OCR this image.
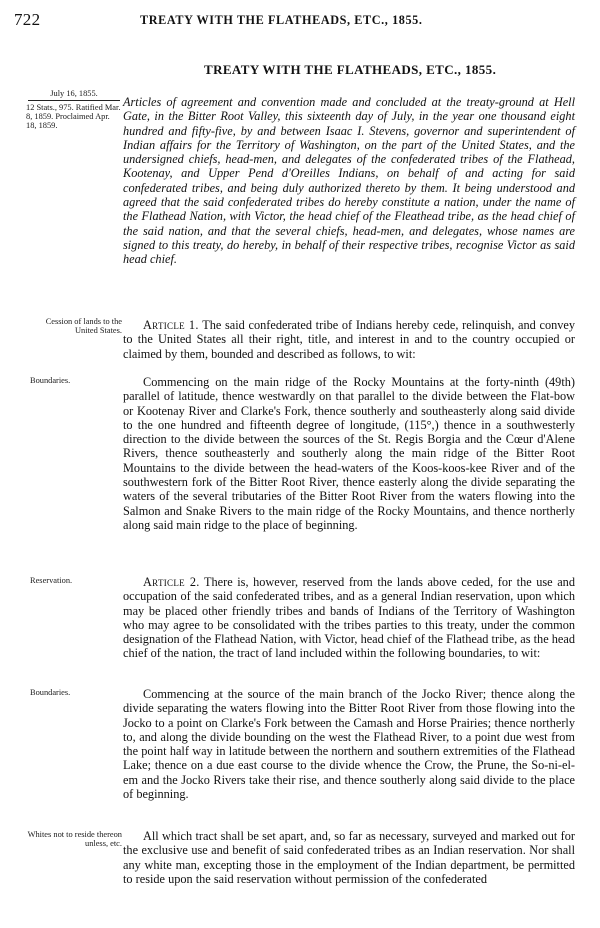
722	TREATY WITH THE FLATHEADS, ETC., 1855.
TREATY WITH THE FLATHEADS, ETC., 1855.
July 16, 1855.
12 Stats., 975. Ratified Mar. 8, 1859. Proclaimed Apr. 18, 1859.
Cession of lands to the United States.
Boundaries.
Reservation.
Boundaries.
Whites not to reside thereon unless, etc.
Articles of agreement and convention made and concluded at the treaty-ground at Hell Gate, in the Bitter Root Valley, this sixteenth day of July, in the year one thousand eight hundred and fifty-five, by and between Isaac I. Stevens, governor and superintendent of Indian affairs for the Territory of Washington, on the part of the United States, and the undersigned chiefs, head-men, and delegates of the confederated tribes of the Flathead, Kootenay, and Upper Pend d'Oreilles Indians, on behalf of and acting for said confederated tribes, and being duly authorized thereto by them. It being understood and agreed that the said confederated tribes do hereby constitute a nation, under the name of the Flathead Nation, with Victor, the head chief of the Fleathead tribe, as the head chief of the said nation, and that the several chiefs, head-men, and delegates, whose names are signed to this treaty, do hereby, in behalf of their respective tribes, recognise Victor as said head chief.

Article 1. The said confederated tribe of Indians hereby cede, relinquish, and convey to the United States all their right, title, and interest in and to the country occupied or claimed by them, bounded and described as follows, to wit:

Commencing on the main ridge of the Rocky Mountains at the forty-ninth (49th) parallel of latitude, thence westwardly on that parallel to the divide between the Flat-bow or Kootenay River and Clarke's Fork, thence southerly and southeasterly along said divide to the one hundred and fifteenth degree of longitude, (115°,) thence in a southwesterly direction to the divide between the sources of the St. Regis Borgia and the Cœur d'Alene Rivers, thence southeasterly and southerly along the main ridge of the Bitter Root Mountains to the divide between the head-waters of the Koos-koos-kee River and of the southwestern fork of the Bitter Root River, thence easterly along the divide separating the waters of the several tributaries of the Bitter Root River from the waters flowing into the Salmon and Snake Rivers to the main ridge of the Rocky Mountains, and thence northerly along said main ridge to the place of beginning.

Article 2. There is, however, reserved from the lands above ceded, for the use and occupation of the said confederated tribes, and as a general Indian reservation, upon which may be placed other friendly tribes and bands of Indians of the Territory of Washington who may agree to be consolidated with the tribes parties to this treaty, under the common designation of the Flathead Nation, with Victor, head chief of the Flathead tribe, as the head chief of the nation, the tract of land included within the following boundaries, to wit:

Commencing at the source of the main branch of the Jocko River; thence along the divide separating the waters flowing into the Bitter Root River from those flowing into the Jocko to a point on Clarke's Fork between the Camash and Horse Prairies; thence northerly to, and along the divide bounding on the west the Flathead River, to a point due west from the point half way in latitude between the northern and southern extremities of the Flathead Lake; thence on a due east course to the divide whence the Crow, the Prune, the So-ni-el-em and the Jocko Rivers take their rise, and thence southerly along said divide to the place of beginning.

All which tract shall be set apart, and, so far as necessary, surveyed and marked out for the exclusive use and benefit of said confederated tribes as an Indian reservation. Nor shall any white man, excepting those in the employment of the Indian department, be permitted to reside upon the said reservation without permission of the confederated
